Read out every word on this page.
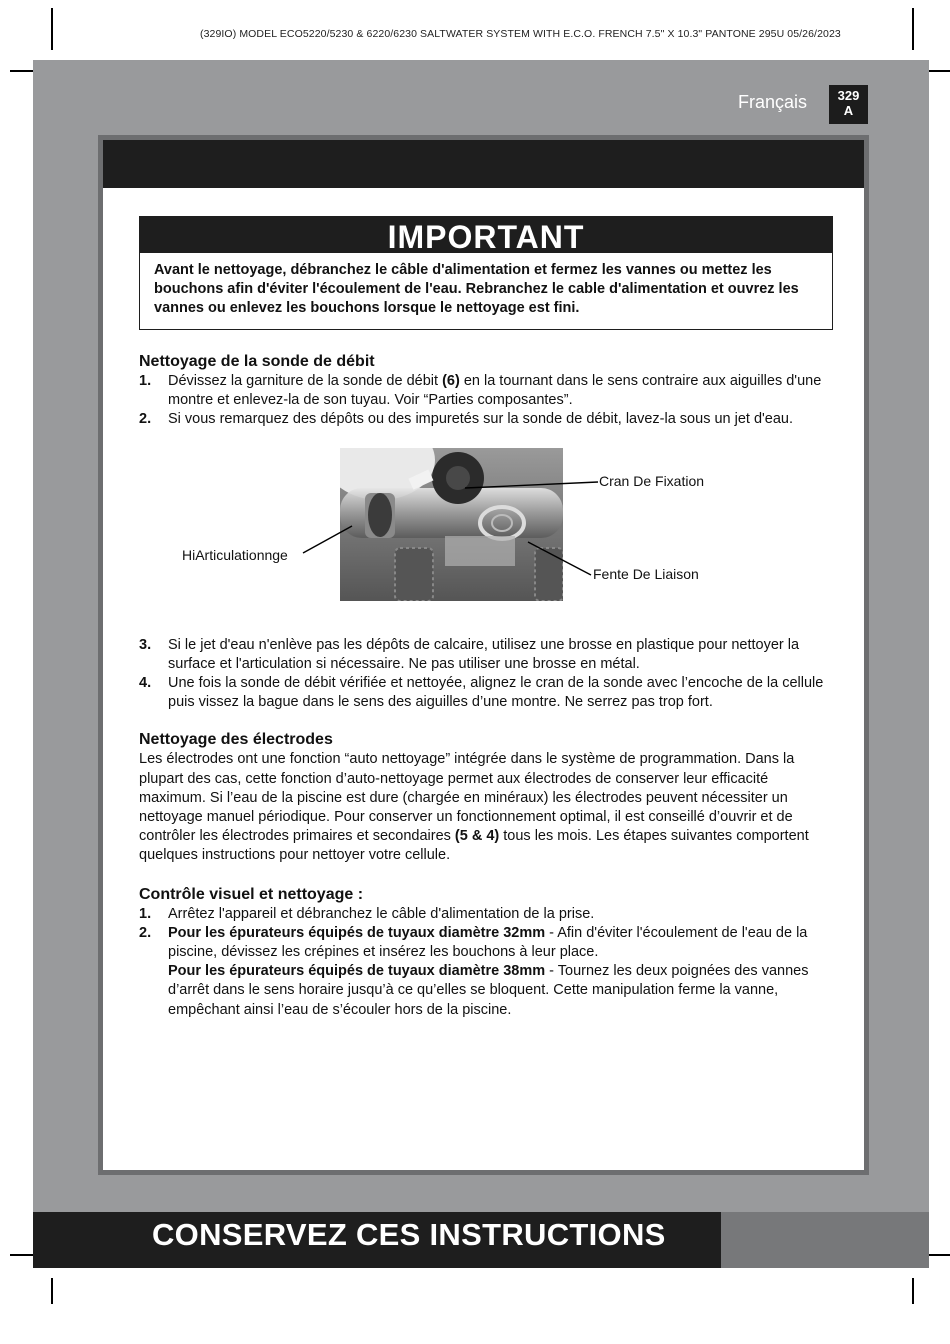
(329IO) MODEL ECO5220/5230 & 6220/6230 SALTWATER SYSTEM WITH E.C.O. FRENCH 7.5" X 10.3" PANTONE 295U 05/26/2023
Français	329
A
IMPORTANT
Avant le nettoyage, débranchez le câble d'alimentation et fermez les vannes ou mettez les bouchons afin d'éviter l'écoulement de l'eau. Rebranchez le cable d'alimentation et ouvrez les vannes ou enlevez les bouchons lorsque le nettoyage est fini.
Nettoyage de la sonde de débit
1. Dévissez la garniture de la sonde de débit (6) en la tournant dans le sens contraire aux aiguilles d'une montre et enlevez-la de son tuyau. Voir “Parties composantes”.
2. Si vous remarquez des dépôts ou des impuretés sur la sonde de débit, lavez-la sous un jet d'eau.
HiArticulationnge
Cran De Fixation
Fente De Liaison
3. Si le jet d'eau n'enlève pas les dépôts de calcaire, utilisez une brosse en plastique pour nettoyer la surface et l'articulation si nécessaire. Ne pas utiliser une brosse en métal.
4. Une fois la sonde de débit vérifiée et nettoyée, alignez le cran de la sonde avec l’encoche de la cellule puis vissez la bague dans le sens des aiguilles d’une montre. Ne serrez pas trop fort.
Nettoyage des électrodes

Les électrodes ont une fonction “auto nettoyage” intégrée dans le système de programmation. Dans la plupart des cas, cette fonction d’auto-nettoyage permet aux électrodes de conserver leur efficacité maximum. Si l’eau de la piscine est dure (chargée en minéraux) les électrodes peuvent nécessiter un nettoyage manuel périodique. Pour conserver un fonctionnement optimal, il est conseillé d’ouvrir et de contrôler les électrodes primaires et secondaires (5 & 4) tous les mois. Les étapes suivantes comportent quelques instructions pour nettoyer votre cellule.

Contrôle visuel et nettoyage :
1. Arrêtez l'appareil et débranchez le câble d'alimentation de la prise.
2. Pour les épurateurs équipés de tuyaux diamètre 32mm - Afin d'éviter l'écoulement de l'eau de la piscine, dévissez les crépines et insérez les bouchons à leur place.
Pour les épurateurs équipés de tuyaux diamètre 38mm - Tournez les deux poignées des vannes d’arrêt dans le sens horaire jusqu’à ce qu’elles se bloquent. Cette manipulation ferme la vanne, empêchant ainsi l’eau de s’écouler hors de la piscine.
CONSERVEZ CES INSTRUCTIONS
